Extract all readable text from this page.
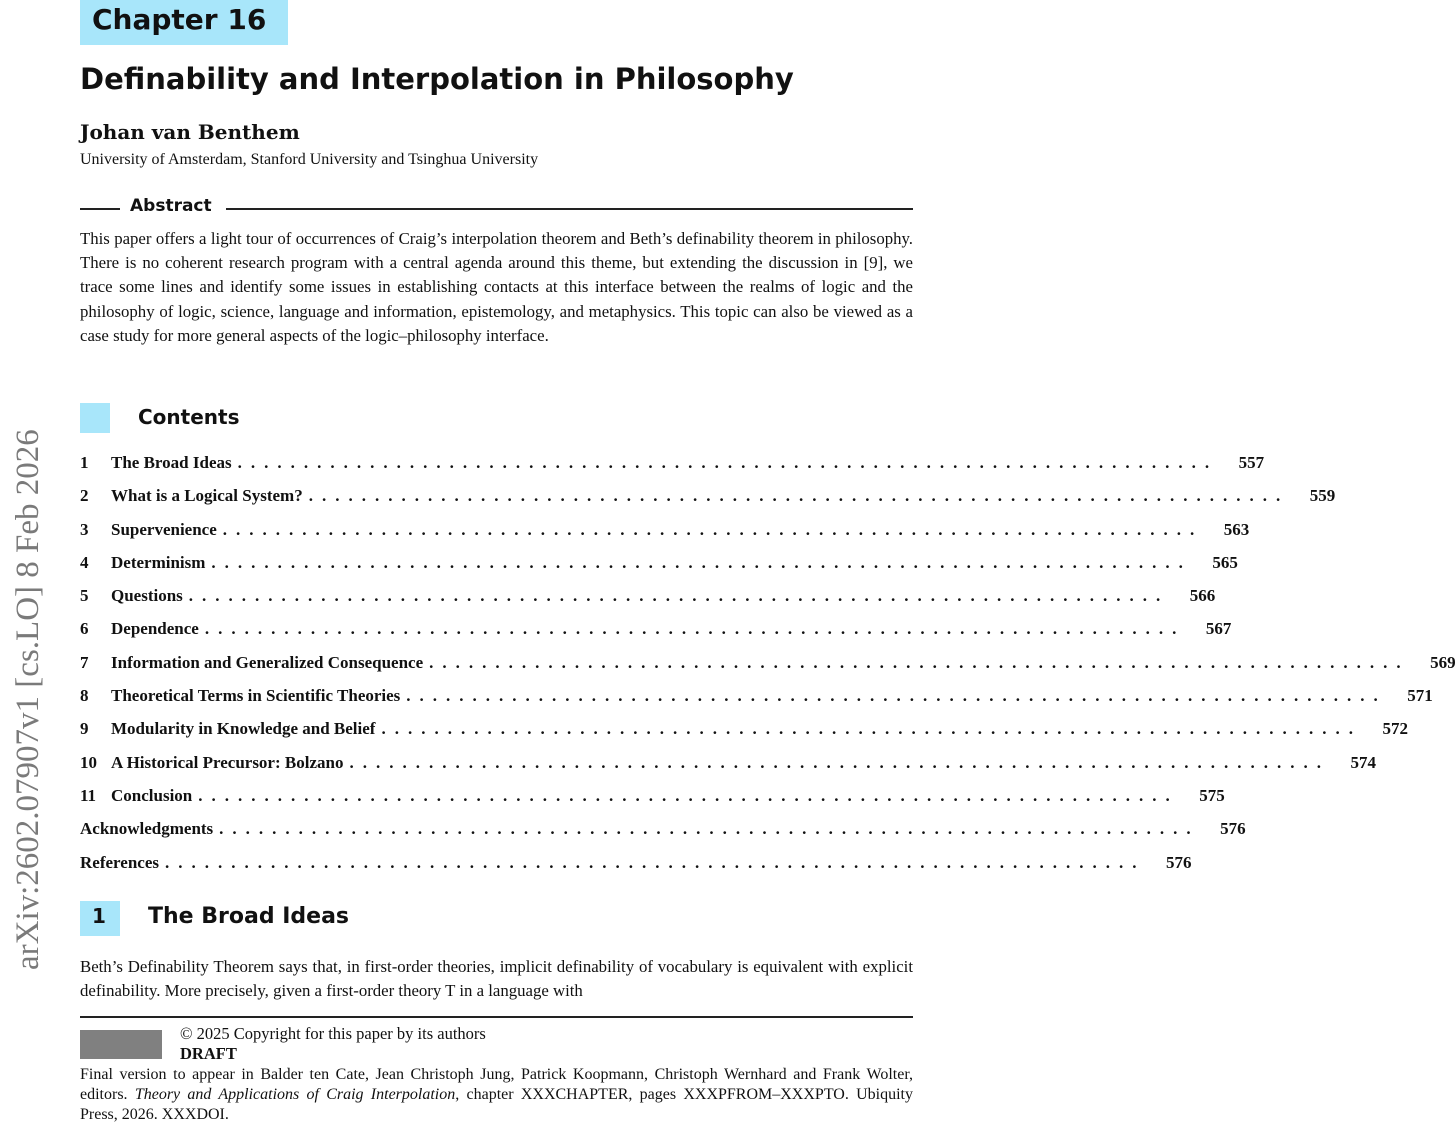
arXiv:2602.07907v1 [cs.LO] 8 Feb 2026
Chapter 16
Definability and Interpolation in Philosophy
Johan van Benthem
University of Amsterdam, Stanford University and Tsinghua University
Abstract
This paper offers a light tour of occurrences of Craig’s interpolation theorem and Beth’s definability theorem in philosophy. There is no coherent research program with a central agenda around this theme, but extending the discussion in [9], we trace some lines and identify some issues in establishing contacts at this interface between the realms of logic and the philosophy of logic, science, language and information, epistemology, and metaphysics. This topic can also be viewed as a case study for more general aspects of the logic–philosophy interface.
Contents
1	The Broad Ideas ..........................................................................	557
2	What is a Logical System? ..........................................................................	559
3	Supervenience ..........................................................................	563
4	Determinism ..........................................................................	565
5	Questions ..........................................................................	566
6	Dependence ..........................................................................	567
7	Information and Generalized Consequence ..........................................................................	569
8	Theoretical Terms in Scientific Theories ..........................................................................	571
9	Modularity in Knowledge and Belief ..........................................................................	572
10 A Historical Precursor: Bolzano ..........................................................................	574
11 Conclusion ..........................................................................	575
Acknowledgments ..........................................................................	576
References ..........................................................................	576
1 The Broad Ideas
Beth’s Definability Theorem says that, in first-order theories, implicit definability of vocabulary is equivalent with explicit definability. More precisely, given a first-order theory T in a language with
© 2025 Copyright for this paper by its authors
DRAFT
Final version to appear in Balder ten Cate, Jean Christoph Jung, Patrick Koopmann, Christoph Wernhard and Frank Wolter, editors. Theory and Applications of Craig Interpolation, chapter XXXCHAPTER, pages XXXPFROM–XXXPTO. Ubiquity Press, 2026. XXXDOI.
